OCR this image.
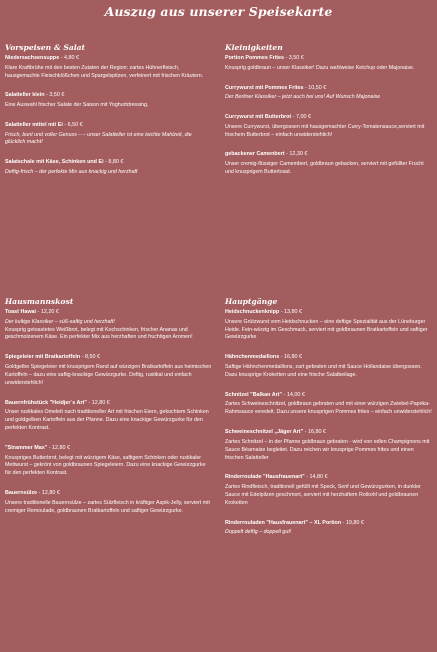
Auszug aus unserer Speisekarte
Vorspeisen & Salat
Niedersachsensuppe - 4,80 €
Klare Kraftbrühe mit den besten Zutaten der Region: zartes Hühnerfleisch, hausgemachte Fleischklößchen und Spargelspitzen, verfeinert mit frischen Kräutern.
Salatteller klein - 3,50 €
Eine Auswahl frischer Salate der Saison mit Yoghurtdressing.
Salatteller mittel mit Ei - 6,50 €
Frisch, bunt und voller Genuss – – unser Salatteller ist eine leichte Mahlzeit, die glücklich macht!
Salatschale mit Käse, Schinken und Ei - 8,80 €
Deftig-frisch – der perfekte Mix aus knackig und herzhaft
Kleinigkeiten
Portion Pommes Frites - 3,50 €
Knusprig goldbraun – unser Klassiker! Dazu wahlweise Ketchup oder Majonaise.
Currywurst mit Pommes Frites - 10,50 €
Der Berliner Klassiker – jetzt auch bei uns! Auf Wunsch Majonaise
Currywurst mit Butterbrot - 7,00 €
Unsere Currywurst, übergossen mit hausgemachter Curry-Tomatensauce,serviert mit frischem Butterbrot – einfach unwiderstehlich!
gebackener Camenbert - 12,30 €
Unser cremig-flüssiger Camembert, goldbraun gebacken, serviert mit gefüllter Frucht und knusprigem Buttertoast.
Hausmannskost
Toast Hawai - 12,20 €
Der kultige Klassiker – süß-saftig und herzhaft!
Knusprig getoastetes Weißbrot, belegt mit Kochschinken, frischer Ananas und geschmolzenem Käse. Ein perfekter Mix aus herzhaften und fruchtigen Aromen!
Spiegeleier mit Bratkartoffeln - 8,50 €
Goldgelbe Spiegeleier mit knusprigem Rand auf würzigen Bratkartoffeln aus heimischen Kartoffeln – dazu eine saftig-knackige Gewürzgurke. Deftig, rustikal und einfach unwiderstehlich!
Bauernfrühstück "Heidjer´s Art" - 12,80 €
Unser rustikales Omelett nach traditioneller Art mit frischen Eiern, gekochtem Schinken und goldgelben Kartoffeln aus der Pfanne. Dazu eine knackige Gewürzgurke für den perfekten Kontrast.
"Strammer Max" - 12,80 €
Knuspriges Butterbrot, belegt mit würzigem Käse, saftigem Schinken oder rustikaler Mettwurst – gekrönt von goldbraunen Spiegeleiern. Dazu eine knackige Gewürzgurke für den perfekten Kontrast.
Bauernsülze - 12,80 €
Unsere traditionelle Bauernsülze – zartes Sülzfleisch in kräftiger Aspik-Jelly, serviert mit cremiger Remoulade, goldbraunen Bratkartoffeln und saftiger Gewürzgurke.
Hauptgänge
Heidschnuckenknipp - 13,80 €
Unsere Grützwurst vom Heidschnucken – eine deftige Spezialität aus der Lüneburger Heide. Fein-würzig im Geschmack, serviert mit goldbraunen Bratkartoffeln und saftiger Gewürzgurke
Hähnchenmedaillons - 16,80 €
Saftige Hähnchenmedaillons, zart gebraten und mit Sauce Hollandaise übergossen. Dazu knusprige Kroketten und eine frische Salatbeilage.
Schnitzel "Balkan Art" - 14,00 €
Zartes Schweineschnitzel, goldbraun gebraten und mit einer würzigen Zwiebel-Paprika-Rahmsauce veredelt. Dazu unsere knusprigen Pommes frites – einfach unwiderstehlich!
Schweineschnitzel „Jäger Art" - 16,80 €
Zartes Schnitzel – in der Pfanne goldbraun gebraten - wird von edlen Champignons mit Sauce Béarnaise begleitet. Dazu reichen wir knusprige Pommes frites und einen frischen Salatteller
Rinderroulade "Hausfrauenart" - 14,80 €
Zartes Rindfleisch, traditionell gefüllt mit Speck, Senf und Gewürzgurken, in dunkler Sauce mit Edelpilzen geschmort, serviert mit herzhaftem Rotkohl und goldbraunen Kroketten
Rinderrouladen "Hausfrauenart" – XL Portion - 19,80 €
Doppelt deftig – doppelt gut!
